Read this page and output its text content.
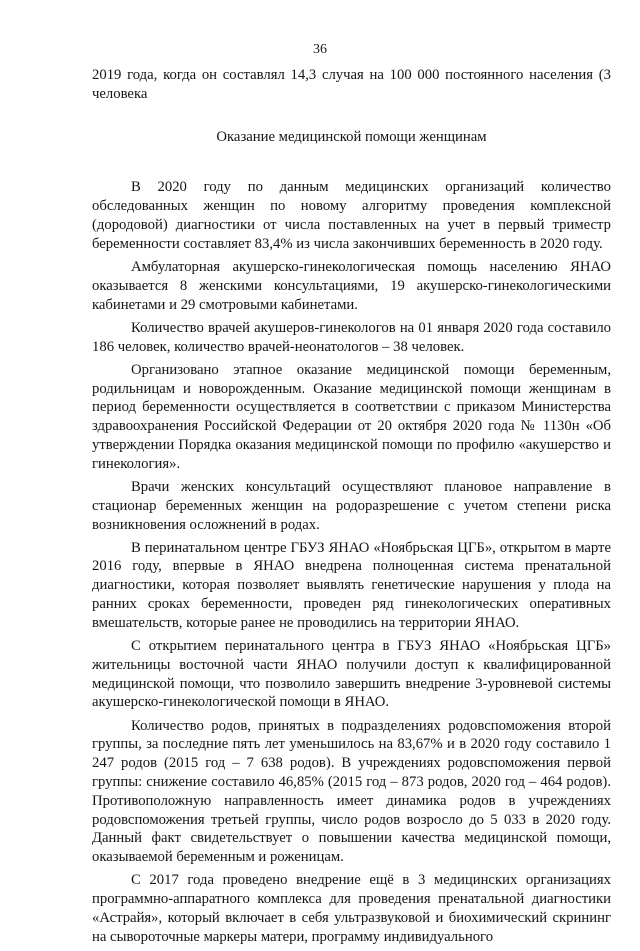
36

2019 года, когда он составлял 14,3 случая на 100 000 постоянного населения (3 человека

Оказание медицинской помощи женщинам

В 2020 году по данным медицинских организаций количество обследованных женщин по новому алгоритму проведения комплексной (дородовой) диагностики от числа поставленных на учет в первый триместр беременности составляет 83,4% из числа закончивших беременность в 2020 году.

Амбулаторная акушерско-гинекологическая помощь населению ЯНАО оказывается 8 женскими консультациями, 19 акушерско-гинекологическими кабинетами и 29 смотровыми кабинетами.

Количество врачей акушеров-гинекологов на 01 января 2020 года составило 186 человек, количество врачей-неонатологов – 38 человек.

Организовано этапное оказание медицинской помощи беременным, родильницам и новорожденным. Оказание медицинской помощи женщинам в период беременности осуществляется в соответствии с приказом Министерства здравоохранения Российской Федерации от 20 октября 2020 года № 1130н «Об утверждении Порядка оказания медицинской помощи по профилю «акушерство и гинекология».

Врачи женских консультаций осуществляют плановое направление в стационар беременных женщин на родоразрешение с учетом степени риска возникновения осложнений в родах.

В перинатальном центре ГБУЗ ЯНАО «Ноябрьская ЦГБ», открытом в марте 2016 году, впервые в ЯНАО внедрена полноценная система пренатальной диагностики, которая позволяет выявлять генетические нарушения у плода на ранних сроках беременности, проведен ряд гинекологических оперативных вмешательств, которые ранее не проводились на территории ЯНАО.

С открытием перинатального центра в ГБУЗ ЯНАО «Ноябрьская ЦГБ» жительницы восточной части ЯНАО получили доступ к квалифицированной медицинской помощи, что позволило завершить внедрение 3-уровневой системы акушерско-гинекологической помощи в ЯНАО.

Количество родов, принятых в подразделениях родовспоможения второй группы, за последние пять лет уменьшилось на 83,67% и в 2020 году составило 1 247 родов (2015 год – 7 638 родов). В учреждениях родовспоможения первой группы: снижение составило 46,85% (2015 год – 873 родов, 2020 год – 464 родов). Противоположную направленность имеет динамика родов в учреждениях родовспоможения третьей группы, число родов возросло до 5 033 в 2020 году. Данный факт свидетельствует о повышении качества медицинской помощи, оказываемой беременным и роженицам.

С 2017 года проведено внедрение ещё в 3 медицинских организациях программно-аппаратного комплекса для проведения пренатальной диагностики «Астрайя», который включает в себя ультразвуковой и биохимический скрининг на сывороточные маркеры матери, программу индивидуального
